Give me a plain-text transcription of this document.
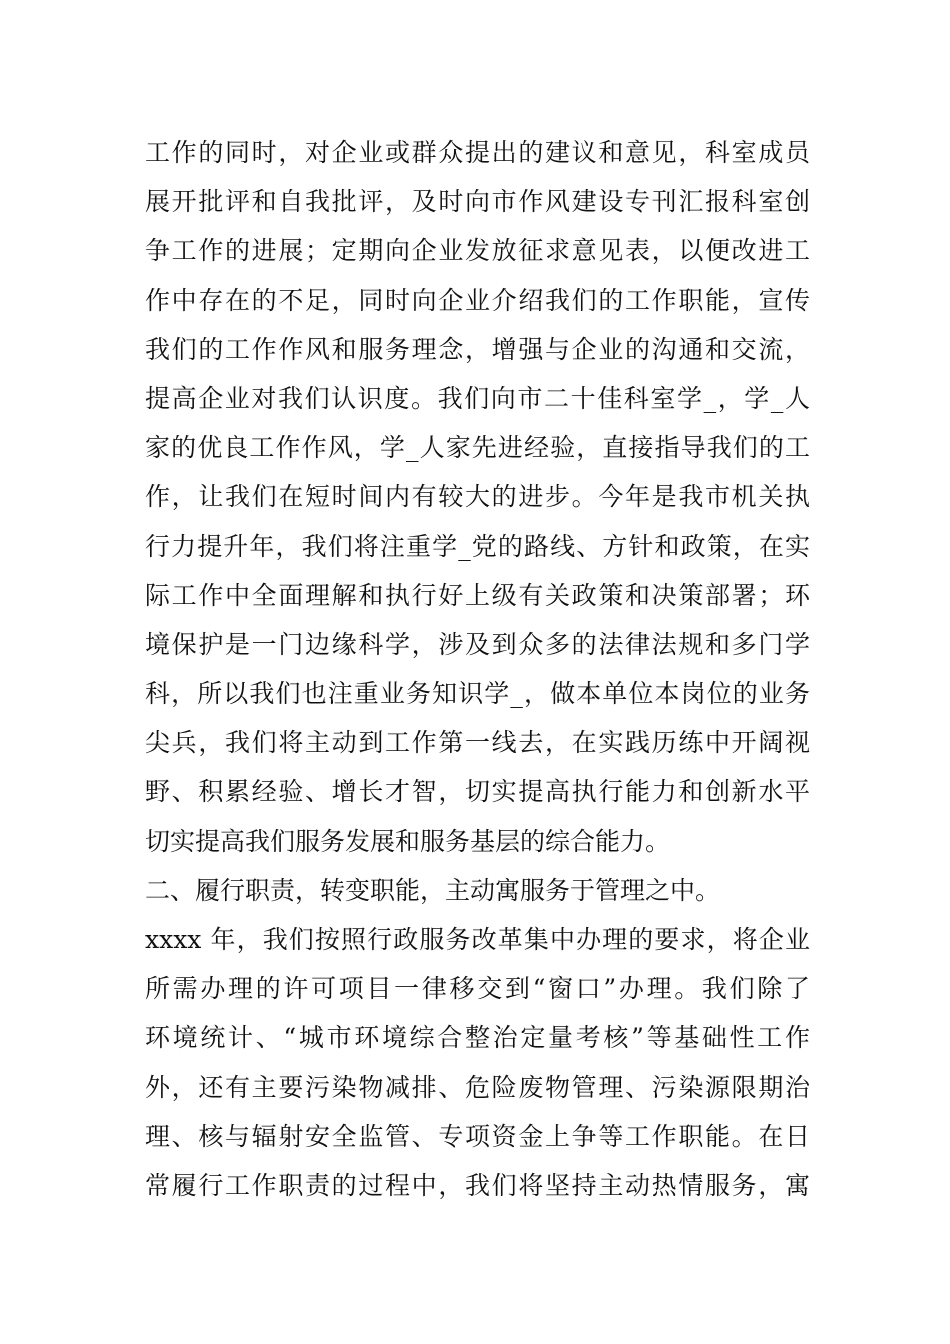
工作的同时，对企业或群众提出的建议和意见，科室成员
展开批评和自我批评，及时向市作风建设专刊汇报科室创
争工作的进展；定期向企业发放征求意见表，以便改进工
作中存在的不足，同时向企业介绍我们的工作职能，宣传
我们的工作作风和服务理念，增强与企业的沟通和交流，
提高企业对我们认识度。我们向市二十佳科室学_，学_人
家的优良工作作风，学_人家先进经验，直接指导我们的工
作，让我们在短时间内有较大的进步。今年是我市机关执
行力提升年，我们将注重学_党的路线、方针和政策，在实
际工作中全面理解和执行好上级有关政策和决策部署；环
境保护是一门边缘科学，涉及到众多的法律法规和多门学
科，所以我们也注重业务知识学_，做本单位本岗位的业务
尖兵，我们将主动到工作第一线去，在实践历练中开阔视
野、积累经验、增长才智，切实提高执行能力和创新水平
切实提高我们服务发展和服务基层的综合能力。
二、履行职责，转变职能，主动寓服务于管理之中。
xxxx 年，我们按照行政服务改革集中办理的要求，将企业
所需办理的许可项目一律移交到“窗口”办理。我们除了
环境统计、“城市环境综合整治定量考核”等基础性工作
外，还有主要污染物减排、危险废物管理、污染源限期治
理、核与辐射安全监管、专项资金上争等工作职能。在日
常履行工作职责的过程中，我们将坚持主动热情服务，寓
